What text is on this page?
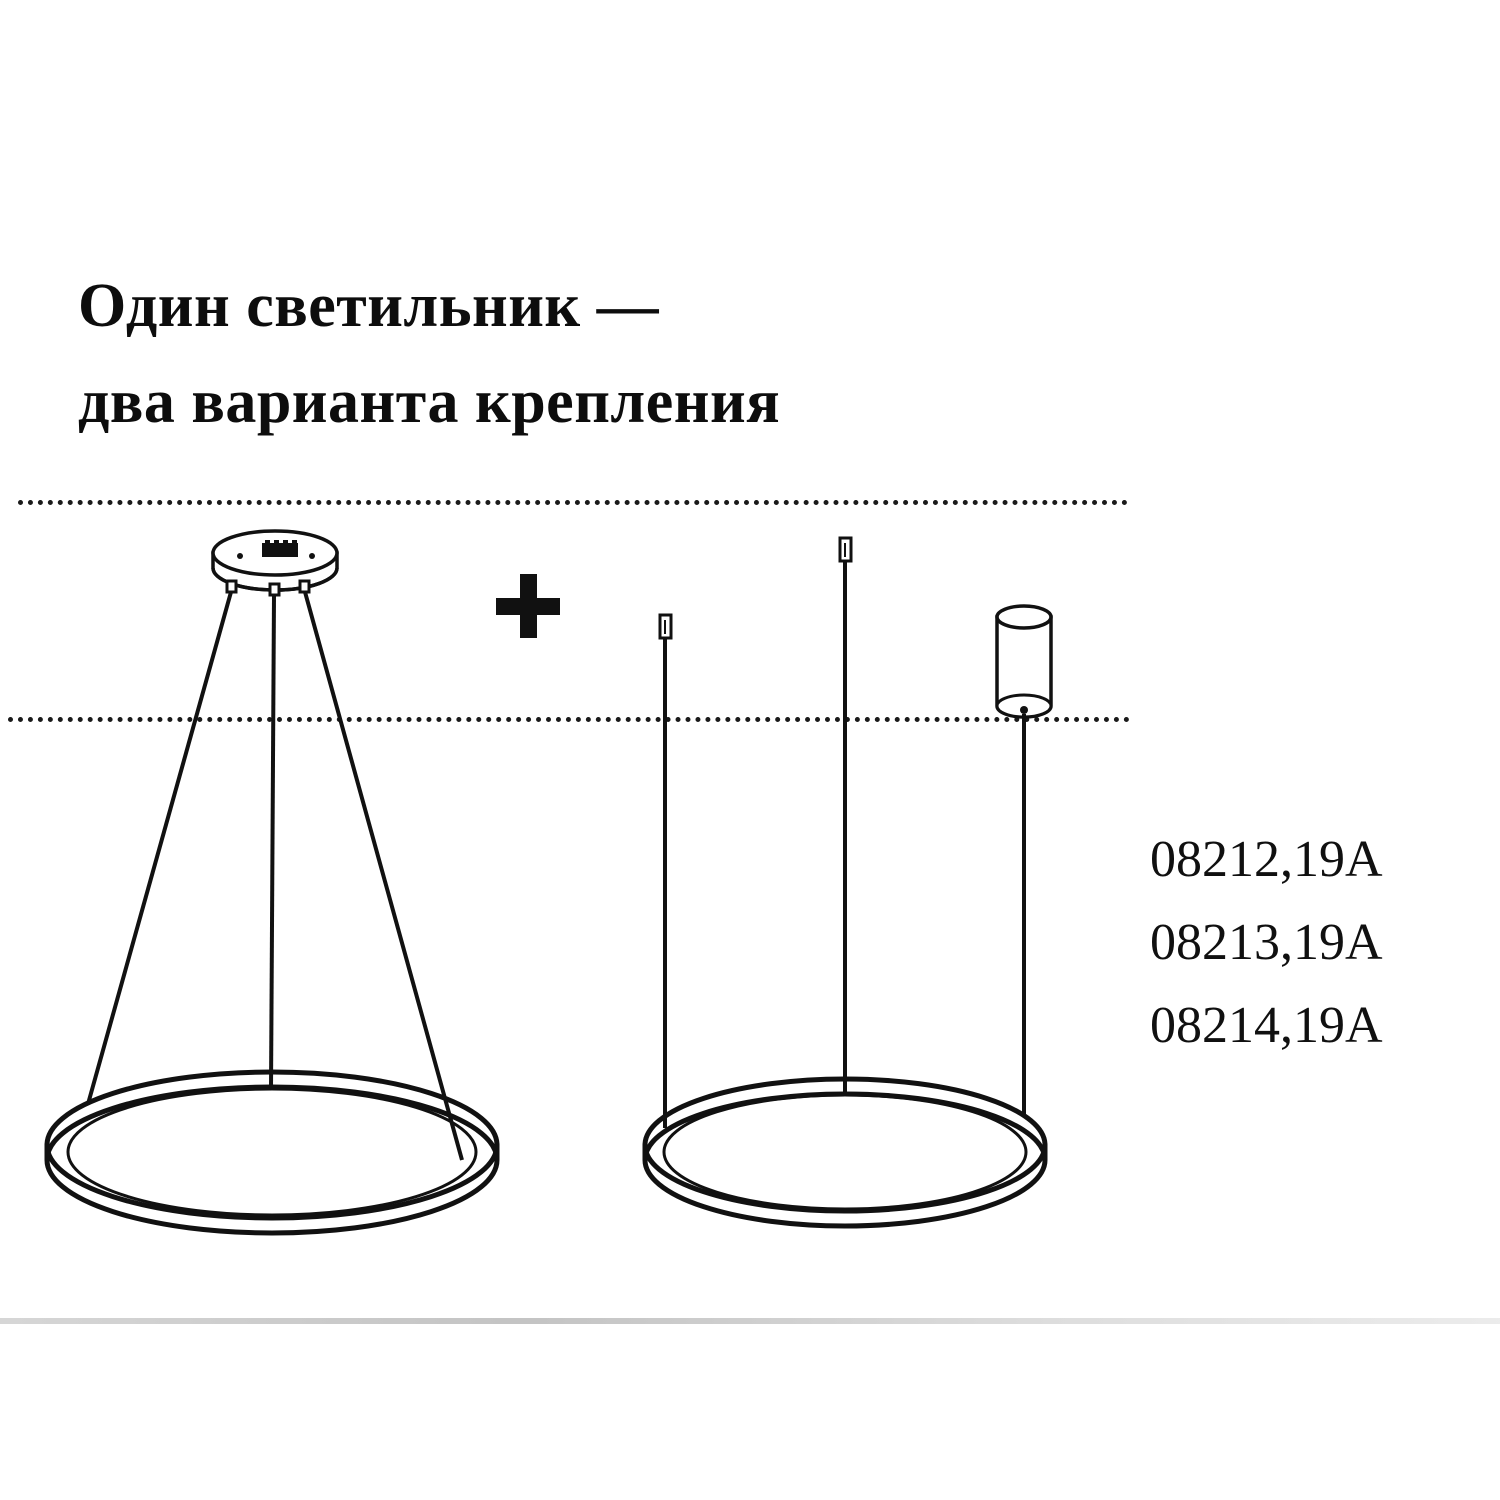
Один светильник —
два варианта крепления
08212,19A
08213,19A
08214,19A
